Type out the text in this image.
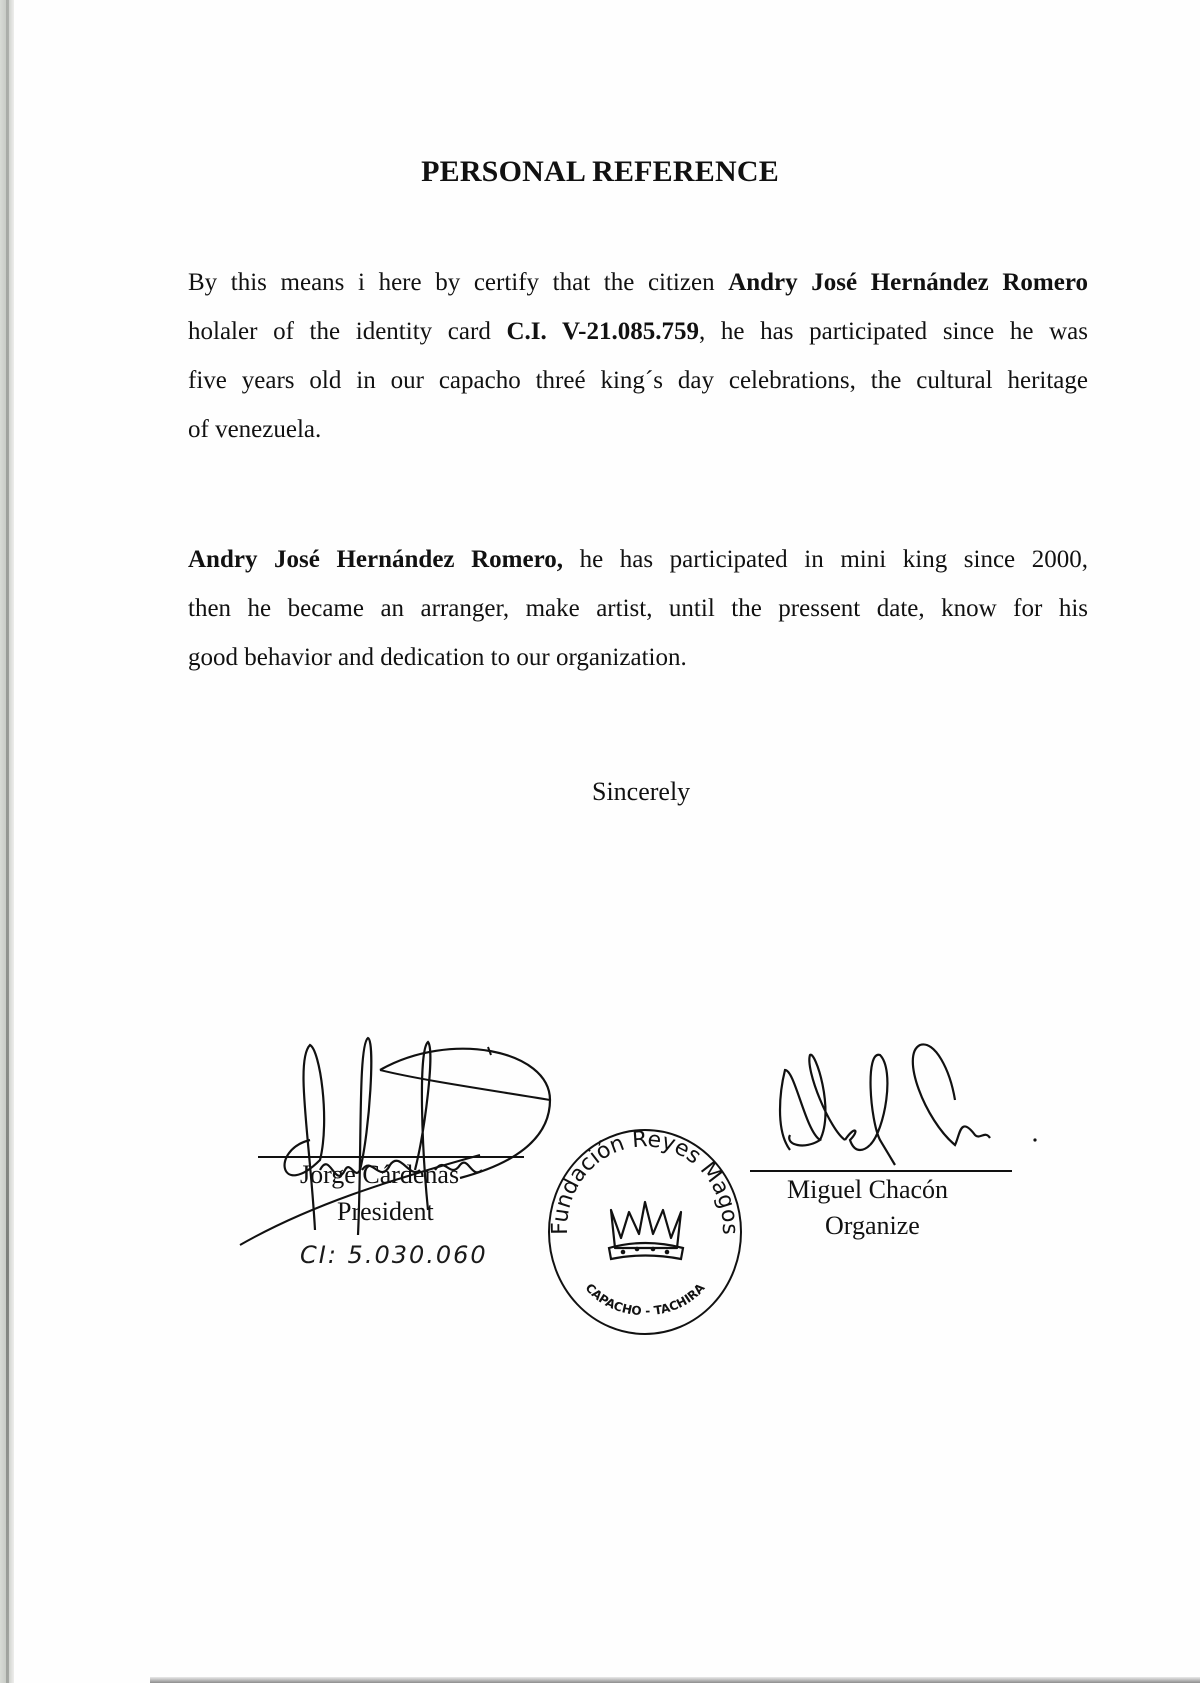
PERSONAL REFERENCE
By this means i here by certify that the citizen Andry José Hernández Romero
holaler of the identity card C.I. V-21.085.759, he has participated since he was
five years old in our capacho threé king´s day celebrations, the cultural heritage
of venezuela.
Andry José Hernández Romero, he has participated in mini king since 2000,
then he became an arranger, make artist, until the pressent date, know for his
good behavior and dedication to our organization.
Sincerely
Jorge Cárdenas
President
CI: 5.030.060
Fundación Reyes Magos
CAPACHO - TACHIRA
Miguel Chacón
Organize
